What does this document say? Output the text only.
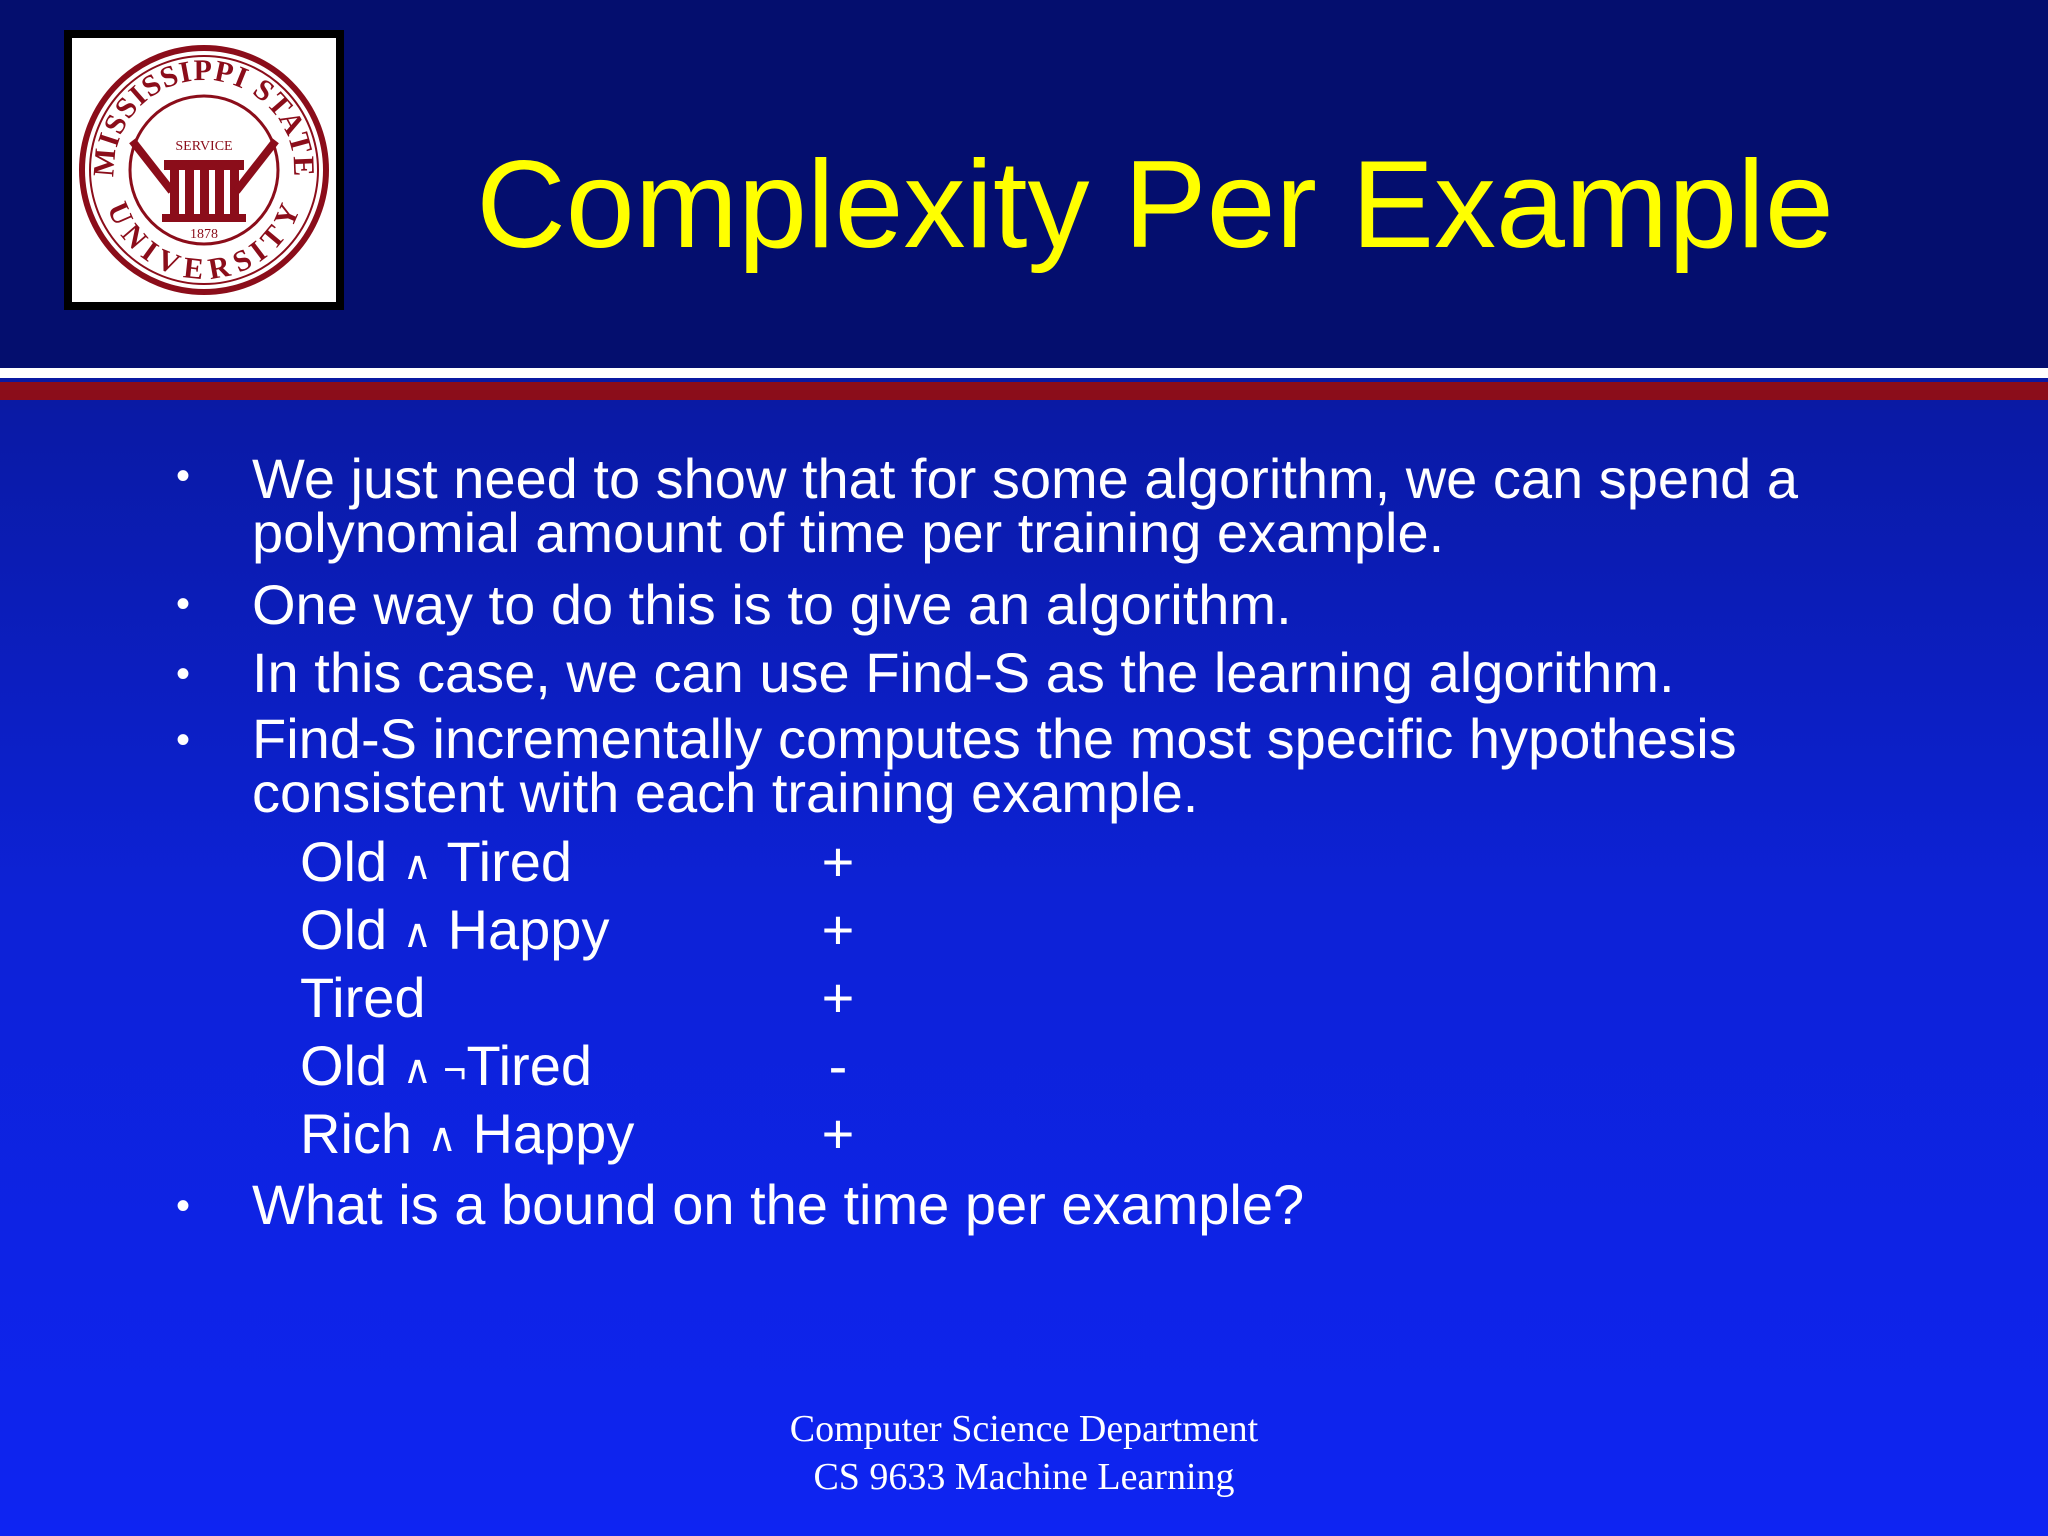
MISSISSIPPI STATE
UNIVERSITY
SERVICE
1878	Complexity Per Example
• We just need to show that for some algorithm, we can spend a
polynomial amount of time per training example.
• One way to do this is to give an algorithm.
• In this case, we can use Find-S as the learning algorithm.
• Find-S incrementally computes the most specific hypothesis
consistent with each training example.
Old ∧ Tired	+
Old ∧ Happy	+
Tired	+
Old ∧ ¬Tired	-
Rich ∧ Happy	+
• What is a bound on the time per example?
Computer Science Department
CS 9633 Machine Learning
